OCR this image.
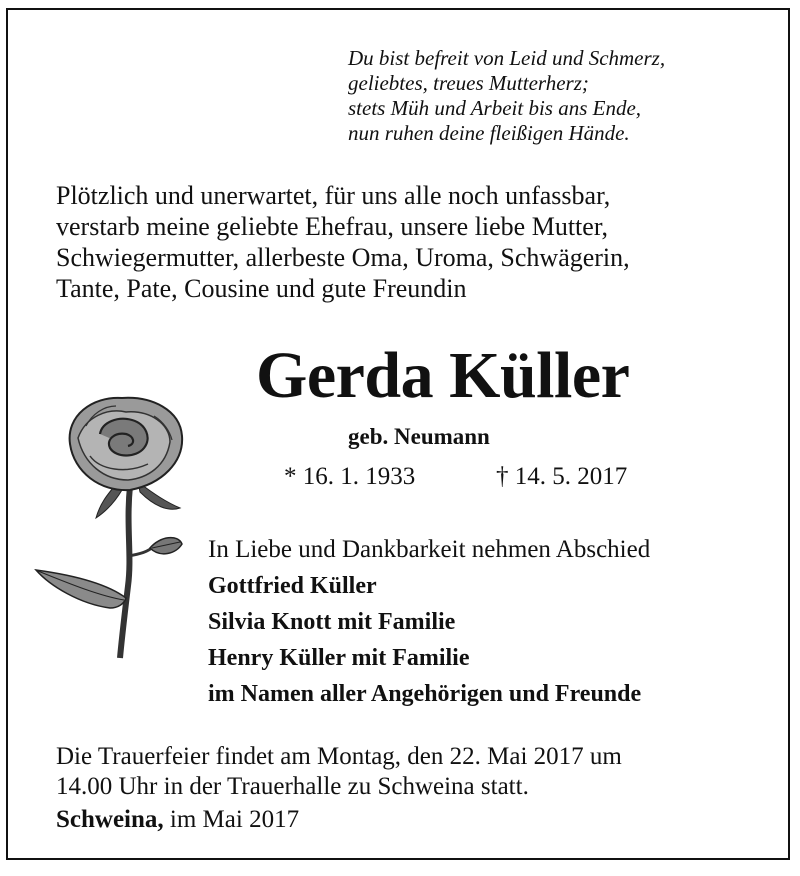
Du bist befreit von Leid und Schmerz,
geliebtes, treues Mutterherz;
stets Müh und Arbeit bis ans Ende,
nun ruhen deine fleißigen Hände.
Plötzlich und unerwartet, für uns alle noch unfassbar,
verstarb meine geliebte Ehefrau, unsere liebe Mutter,
Schwiegermutter, allerbeste Oma, Uroma, Schwägerin,
Tante, Pate, Cousine und gute Freundin
Gerda Küller
geb. Neumann
* 16. 1. 1933	† 14. 5. 2017
In Liebe und Dankbarkeit nehmen Abschied
Gottfried Küller
Silvia Knott mit Familie
Henry Küller mit Familie
im Namen aller Angehörigen und Freunde
Die Trauerfeier findet am Montag, den 22. Mai 2017 um
14.00 Uhr in der Trauerhalle zu Schweina statt.
Schweina, im Mai 2017
